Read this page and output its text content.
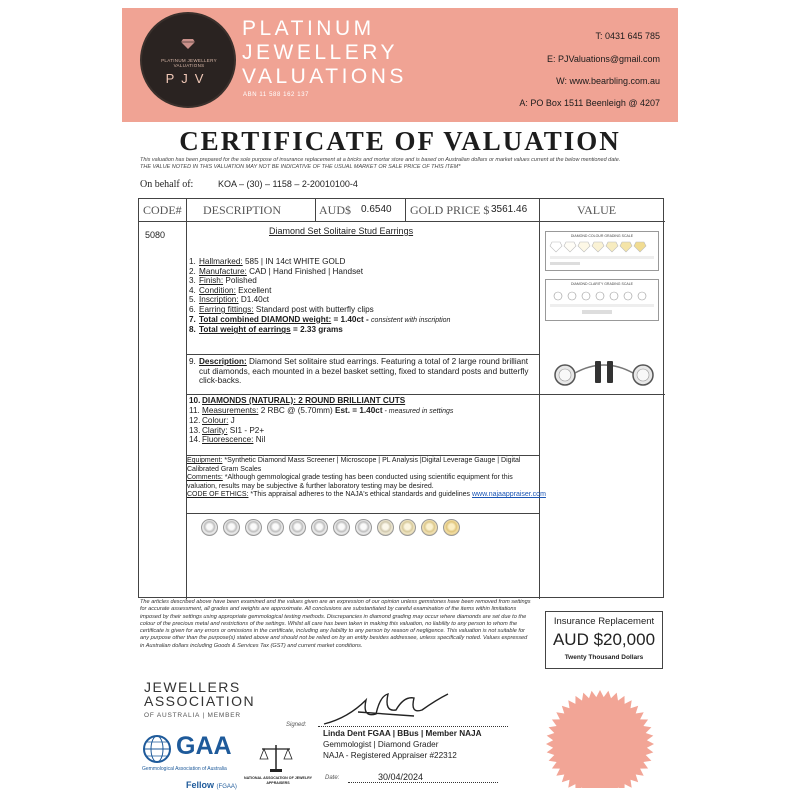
PLATINUM JEWELLERY VALUATIONS
PJV
PLATINUM
JEWELLERY
VALUATIONS
ABN 11 588 162 137
T: 0431 645 785
E: PJValuations@gmail.com
W: www.bearbling.com.au
A: PO Box 1511 Beenleigh @ 4207
CERTIFICATE OF VALUATION
This valuation has been prepared for the sole purpose of insurance replacement at a bricks and mortar store and is based on Australian dollars or market values current at the below mentioned date.
THE VALUE NOTED IN THIS VALUATION MAY NOT BE INDICATIVE OF THE USUAL MARKET OR SALE PRICE OF THIS ITEM*
On behalf of:	KOA – (30) – 1158 – 2-20010100-4
CODE# DESCRIPTION	AUD$ 0.6540 GOLD PRICE $ 3561.46	VALUE
5080	Diamond Set Solitaire Stud Earrings
1. Hallmarked: 585 | IN 14ct WHITE GOLD
2. Manufacture: CAD | Hand Finished | Handset
3. Finish: Polished
4. Condition: Excellent
5. Inscription: D1.40ct
6. Earring fittings: Standard post with butterfly clips
7. Total combined DIAMOND weight: = 1.40ct - consistent with inscription
8. Total weight of earrings = 2.33 grams
9. Description: Diamond Set solitaire stud earrings. Featuring a total of 2 large round brilliant
cut diamonds, each mounted in a bezel basket setting, fixed to standard posts and butterfly
click-backs.
10. DIAMONDS (NATURAL): 2 ROUND BRILLIANT CUTS
11. Measurements: 2 RBC @ (5.70mm) Est. = 1.40ct - measured in settings
12. Colour: J
13. Clarity: SI1 - P2+
14. Fluorescence: Nil
Equipment: *Synthetic Diamond Mass Screener | Microscope | PL Analysis |Digital Leverage Gauge | Digital
Calibrated Gram Scales
Comments: *Although gemmological grade testing has been conducted using scientific equipment for this
valuation, results may be subjective & further laboratory testing may be desired.
CODE OF ETHICS: *This appraisal adheres to the NAJA's ethical standards and guidelines www.najaappraiser.com
DIAMOND COLOUR GRADING SCALE
DIAMOND CLARITY GRADING SCALE
The articles described above have been examined and the values given are an expression of our opinion unless gemstones have been removed from settings for accurate assessment, all grades and weights are approximate. All conclusions are substantiated by careful examination of the items within limitations imposed by their settings using appropriate gemmological testing methods. Discrepancies in diamond grading may occur where diamonds are set due to the colour of the precious metal and restrictions of the settings. Whilst all care has been taken in making this valuation, no liability to any person to whom the certificate is given for any errors or omissions in the certificate, including any liability to any person by reason of negligence. This valuation is not suitable for any purpose other than the purpose(s) stated above and should not be relied on by an entity besides addressee, unless specifically noted. Values expressed in Australian dollars including Goods & Services Tax (GST) and current market conditions.
Insurance Replacement
AUD $20,000
Twenty Thousand Dollars
JEWELLERS
ASSOCIATION
OF AUSTRALIA | MEMBER
GAA
Gemmological Association of Australia
Fellow (FGAA)
NATIONAL ASSOCIATION OF JEWELRY APPRAISERS
Signed:
Linda Dent FGAA | BBus | Member NAJA
Gemmologist | Diamond Grader
NAJA - Registered Appraiser #22312
Date:	30/04/2024
